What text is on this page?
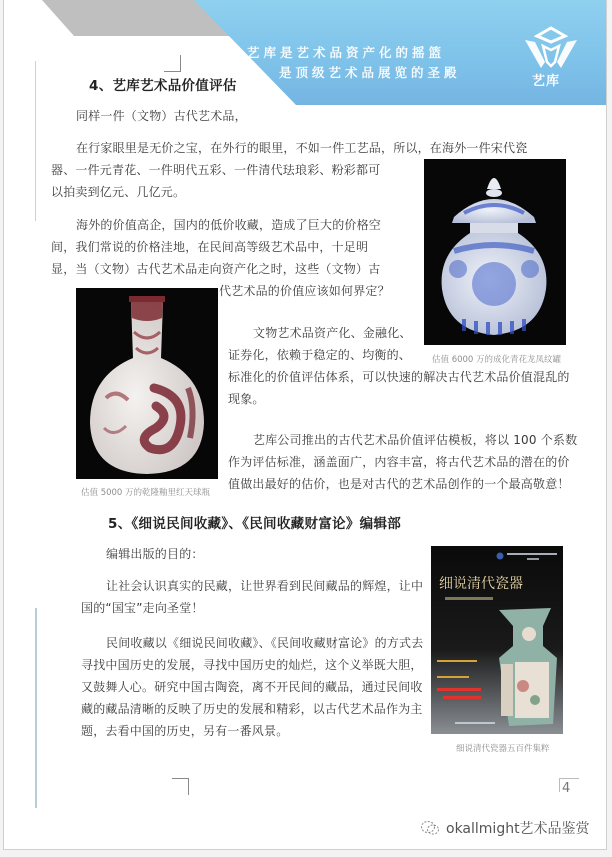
艺库是艺术品资产化的摇篮
是顶级艺术品展览的圣殿
艺库
4、艺库艺术品价值评估
同样一件（文物）古代艺术品，
在行家眼里是无价之宝，在外行的眼里，不如一件工艺品，所以，在海外一件宋代瓷
器、一件元青花、一件明代五彩、一件清代珐琅彩、粉彩都可
以拍卖到亿元、几亿元。
海外的价值高企，国内的低价收藏，造成了巨大的价格空
间，我们常说的价格洼地，在民间高等级艺术品中，十足明
显，当（文物）古代艺术品走向资产化之时，这些（文物）古
代艺术品的价值应该如何界定？
文物艺术品资产化、金融化、
证券化，依赖于稳定的、均衡的、
标准化的价值评估体系，可以快速的解决古代艺术品价值混乱的
现象。
艺库公司推出的古代艺术品价值评估模板，将以 100 个系数
作为评估标准，涵盖面广，内容丰富，将古代艺术品的潜在的价
值做出最好的估价，也是对古代的艺术品创作的一个最高敬意！
估值 6000 万的成化青花龙凤纹罐
估值 5000 万的乾隆釉里红天球瓶
5、《细说民间收藏》、《民间收藏财富论》编辑部
编辑出版的目的：
让社会认识真实的民藏，让世界看到民间藏品的辉煌，让中
国的“国宝”走向圣堂！
民间收藏以《细说民间收藏》、《民间收藏财富论》的方式去
寻找中国历史的发展，寻找中国历史的灿烂，这个义举既大胆，
又鼓舞人心。研究中国古陶瓷，离不开民间的藏品，通过民间收
藏的藏品清晰的反映了历史的发展和精彩，以古代艺术品作为主
题，去看中国的历史，另有一番风景。
细说清代瓷器
细说清代瓷器五百件集粹
4
okallmight艺术品鉴赏
